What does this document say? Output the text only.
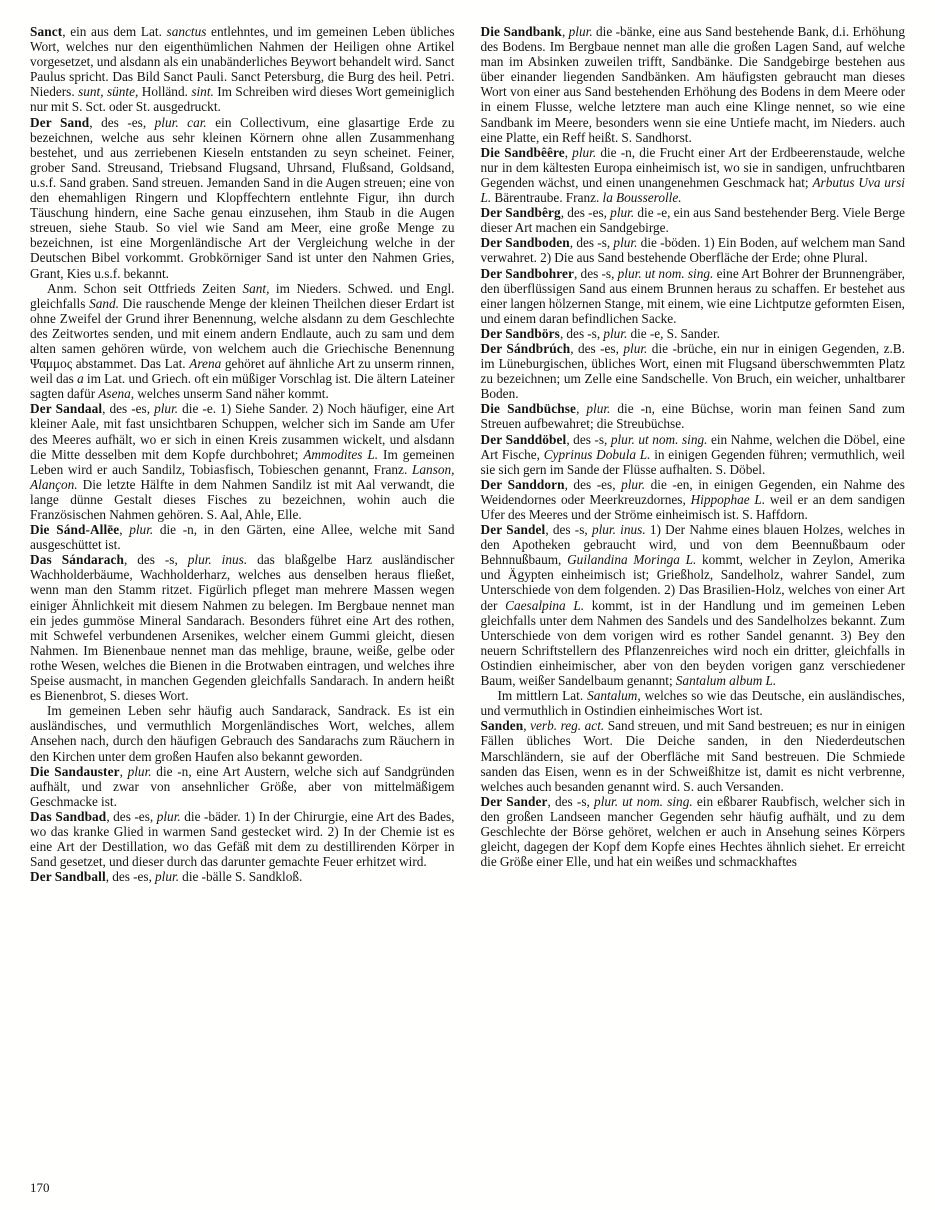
Sanct, ein aus dem Lat. sanctus entlehntes, und im gemeinen Leben übliches Wort, welches nur den eigenthümlichen Nahmen der Heiligen ohne Artikel vorgesetzet, und alsdann als ein unabänderliches Beywort behandelt wird. Sanct Paulus spricht. Das Bild Sanct Pauli. Sanct Petersburg, die Burg des heil. Petri. Nieders. sunt, sünte, Holländ. sint. Im Schreiben wird dieses Wort gemeiniglich nur mit S. Sct. oder St. ausgedruckt.

Der Sand, des -es, plur. car. ein Collectivum, eine glasartige Erde zu bezeichnen, welche aus sehr kleinen Körnern ohne allen Zusammenhang bestehet, und aus zerriebenen Kieseln entstanden zu seyn scheinet. Feiner, grober Sand. Streusand, Triebsand Flugsand, Uhrsand, Flußsand, Goldsand, u.s.f. Sand graben. Sand streuen. Jemanden Sand in die Augen streuen; eine von den ehemahligen Ringern und Klopffechtern entlehnte Figur, ihn durch Täuschung hindern, eine Sache genau einzusehen, ihm Staub in die Augen streuen, siehe Staub. So viel wie Sand am Meer, eine große Menge zu bezeichnen, ist eine Morgenländische Art der Vergleichung welche in der Deutschen Bibel vorkommt. Grobkörniger Sand ist unter den Nahmen Gries, Grant, Kies u.s.f. bekannt.

Anm. Schon seit Ottfrieds Zeiten Sant, im Nieders. Schwed. und Engl. gleichfalls Sand. Die rauschende Menge der kleinen Theilchen dieser Erdart ist ohne Zweifel der Grund ihrer Benennung, welche alsdann zu dem Geschlechte des Zeitwortes senden, und mit einem andern Endlaute, auch zu sam und dem alten samen gehören würde, von welchem auch die Griechische Benennung Ψαμμος abstammet. Das Lat. Arena gehöret auf ähnliche Art zu unserm rinnen, weil das a im Lat. und Griech. oft ein müßiger Vorschlag ist. Die ältern Lateiner sagten dafür Asena, welches unserm Sand näher kommt.

Der Sandaal, des -es, plur. die -e. 1) Siehe Sander. 2) Noch häufiger, eine Art kleiner Aale, mit fast unsichtbaren Schuppen, welcher sich im Sande am Ufer des Meeres aufhält, wo er sich in einen Kreis zusammen wickelt, und alsdann die Mitte desselben mit dem Kopfe durchbohret; Ammodites L. Im gemeinen Leben wird er auch Sandilz, Tobiasfisch, Tobieschen genannt, Franz. Lanson, Alançon. Die letzte Hälfte in dem Nahmen Sandilz ist mit Aal verwandt, die lange dünne Gestalt dieses Fisches zu bezeichnen, wohin auch die Französischen Nahmen gehören. S. Aal, Ahle, Elle.

Die Sánd-Allēe, plur. die -n, in den Gärten, eine Allee, welche mit Sand ausgeschüttet ist.

Das Sándarach, des -s, plur. inus. das blaßgelbe Harz ausländischer Wachholderbäume, Wachholderharz, welches aus denselben heraus fließet, wenn man den Stamm ritzet. Figürlich pfleget man mehrere Massen wegen einiger Ähnlichkeit mit diesem Nahmen zu belegen. Im Bergbaue nennet man ein jedes gummöse Mineral Sandarach. Besonders führet eine Art des rothen, mit Schwefel verbundenen Arsenikes, welcher einem Gummi gleicht, diesen Nahmen. Im Bienenbaue nennet man das mehlige, braune, weiße, gelbe oder rothe Wesen, welches die Bienen in die Brotwaben eintragen, und welches ihre Speise ausmacht, in manchen Gegenden gleichfalls Sandarach. In andern heißt es Bienenbrot, S. dieses Wort.

Im gemeinen Leben sehr häufig auch Sandarack, Sandrack. Es ist ein ausländisches, und vermuthlich Morgenländisches Wort, welches, allem Ansehen nach, durch den häufigen Gebrauch des Sandarachs zum Räuchern in den Kirchen unter dem großen Haufen also bekannt geworden.

Die Sandauster, plur. die -n, eine Art Austern, welche sich auf Sandgründen aufhält, und zwar von ansehnlicher Größe, aber von mittelmäßigem Geschmacke ist.

Das Sandbad, des -es, plur. die -bäder. 1) In der Chirurgie, eine Art des Bades, wo das kranke Glied in warmen Sand gestecket wird. 2) In der Chemie ist es eine Art der Destillation, wo das Gefäß mit dem zu destillirenden Körper in Sand gesetzet, und dieser durch das darunter gemachte Feuer erhitzet wird.

Der Sandball, des -es, plur. die -bälle S. Sandkloß.

Die Sandbank, plur. die -bänke, eine aus Sand bestehende Bank, d.i. Erhöhung des Bodens. Im Bergbaue nennet man alle die großen Lagen Sand, auf welche man im Absinken zuweilen trifft, Sandbänke. Die Sandgebirge bestehen aus über einander liegenden Sandbänken. Am häufigsten gebraucht man dieses Wort von einer aus Sand bestehenden Erhöhung des Bodens in dem Meere oder in einem Flusse, welche letztere man auch eine Klinge nennet, so wie eine Sandbank im Meere, besonders wenn sie eine Untiefe macht, im Nieders. auch eine Platte, ein Reff heißt. S. Sandhorst.

Die Sandbêêre, plur. die -n, die Frucht einer Art der Erdbeerenstaude, welche nur in dem kältesten Europa einheimisch ist, wo sie in sandigen, unfruchtbaren Gegenden wächst, und einen unangenehmen Geschmack hat; Arbutus Uva ursi L. Bärentraube. Franz. la Bousserolle.

Der Sandbêrg, des -es, plur. die -e, ein aus Sand bestehender Berg. Viele Berge dieser Art machen ein Sandgebirge.

Der Sandboden, des -s, plur. die -böden. 1) Ein Boden, auf welchem man Sand verwahret. 2) Die aus Sand bestehende Oberfläche der Erde; ohne Plural.

Der Sandbohrer, des -s, plur. ut nom. sing. eine Art Bohrer der Brunnengräber, den überflüssigen Sand aus einem Brunnen heraus zu schaffen. Er bestehet aus einer langen hölzernen Stange, mit einem, wie eine Lichtputze geformten Eisen, und einem daran befindlichen Sacke.

Der Sandbörs, des -s, plur. die -e, S. Sander.

Der Sándbrúch, des -es, plur. die -brüche, ein nur in einigen Gegenden, z.B. im Lüneburgischen, übliches Wort, einen mit Flugsand überschwemmten Platz zu bezeichnen; um Zelle eine Sandschelle. Von Bruch, ein weicher, unhaltbarer Boden.

Die Sandbüchse, plur. die -n, eine Büchse, worin man feinen Sand zum Streuen aufbewahret; die Streubüchse.

Der Sanddöbel, des -s, plur. ut nom. sing. ein Nahme, welchen die Döbel, eine Art Fische, Cyprinus Dobula L. in einigen Gegenden führen; vermuthlich, weil sie sich gern im Sande der Flüsse aufhalten. S. Döbel.

Der Sanddorn, des -es, plur. die -en, in einigen Gegenden, ein Nahme des Weidendornes oder Meerkreuzdornes, Hippophae L. weil er an dem sandigen Ufer des Meeres und der Ströme einheimisch ist. S. Haffdorn.

Der Sandel, des -s, plur. inus. 1) Der Nahme eines blauen Holzes, welches in den Apotheken gebraucht wird, und von dem Beennußbaum oder Behnnußbaum, Guilandina Moringa L. kommt, welcher in Zeylon, Amerika und Ägypten einheimisch ist; Grießholz, Sandelholz, wahrer Sandel, zum Unterschiede von dem folgenden. 2) Das Brasilien-Holz, welches von einer Art der Caesalpina L. kommt, ist in der Handlung und im gemeinen Leben gleichfalls unter dem Nahmen des Sandels und des Sandelholzes bekannt. Zum Unterschiede von dem vorigen wird es rother Sandel genannt. 3) Bey den neuern Schriftstellern des Pflanzenreiches wird noch ein dritter, gleichfalls in Ostindien einheimischer, aber von den beyden vorigen ganz verschiedener Baum, weißer Sandelbaum genannt; Santalum album L.

Im mittlern Lat. Santalum, welches so wie das Deutsche, ein ausländisches, und vermuthlich in Ostindien einheimisches Wort ist.

Sanden, verb. reg. act. Sand streuen, und mit Sand bestreuen; es nur in einigen Fällen übliches Wort. Die Deiche sanden, in den Niederdeutschen Marschländern, sie auf der Oberfläche mit Sand bestreuen. Die Schmiede sanden das Eisen, wenn es in der Schweißhitze ist, damit es nicht verbrenne, welches auch besanden genannt wird. S. auch Versanden.

Der Sander, des -s, plur. ut nom. sing. ein eßbarer Raubfisch, welcher sich in den großen Landseen mancher Gegenden sehr häufig aufhält, und zu dem Geschlechte der Börse gehöret, welchen er auch in Ansehung seines Körpers gleicht, dagegen der Kopf dem Kopfe eines Hechtes ähnlich siehet. Er erreicht die Größe einer Elle, und hat ein weißes und schmackhaftes

170
